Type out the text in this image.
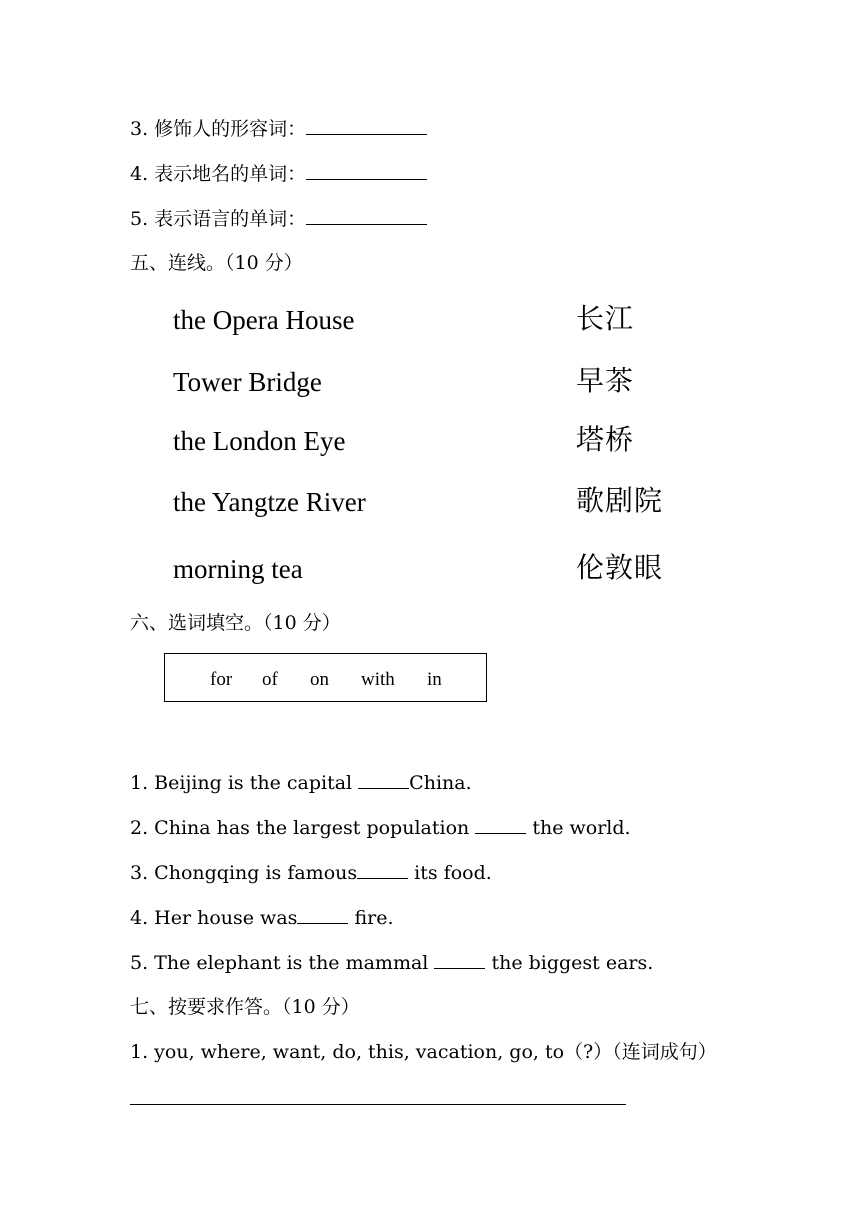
3. 修饰人的形容词：
4. 表示地名的单词：
5. 表示语言的单词：
五、连线。（10 分）
the Opera House
Tower Bridge
the London Eye
the Yangtze River
morning tea
长江
早茶
塔桥
歌剧院
伦敦眼
六、选词填空。（10 分）
for of on with in
1. Beijing is the capital	China.
2. China has the largest population	the world.
3. Chongqing is famous	its food.
4. Her house was	fire.
5. The elephant is the mammal	the biggest ears.
七、按要求作答。（10 分）
1. you, where, want, do, this, vacation, go, to（?）（连词成句）
